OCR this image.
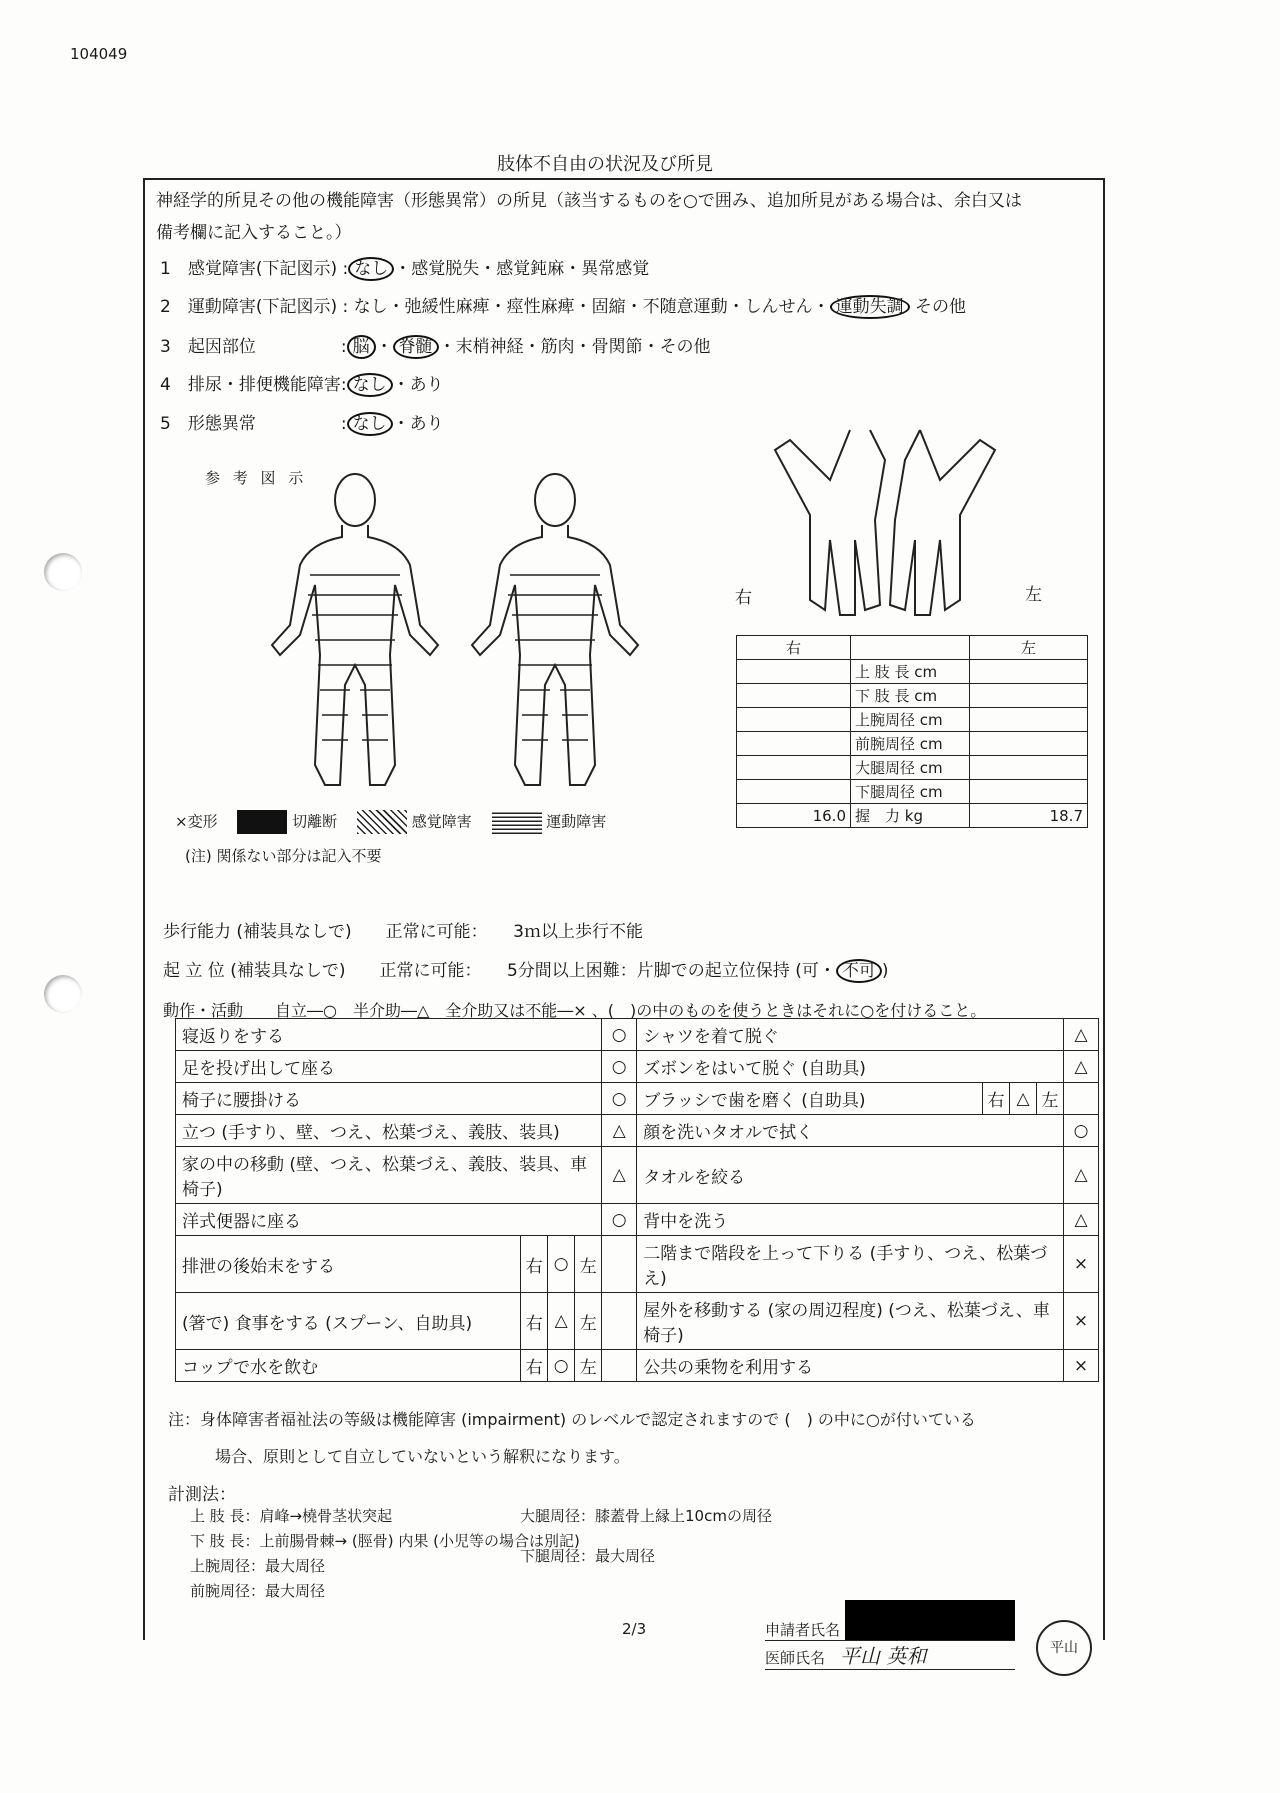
104049
肢体不自由の状況及び所見
神経学的所見その他の機能障害（形態異常）の所見（該当するものを○で囲み、追加所見がある場合は、余白又は
備考欄に記入すること。）
1　 感覚障害(下記図示) : なし ・感覚脱失・感覚鈍麻・異常感覚
2　 運動障害(下記図示) : なし・弛緩性麻痺・痙性麻痺・固縮・不随意運動・しんせん・ 運動失調 その他
3　 起因部位　　　　　: 脳 ・ 脊髄 ・末梢神経・筋肉・骨関節・その他
4　 排尿・排便機能障害: なし ・あり
5　 形態異常　　　　　: なし ・あり
参 考 図 示
右	左
右		左
	上 肢 長 cm	
	下 肢 長 cm	
	上腕周径 cm	
	前腕周径 cm	
	大腿周径 cm	
	下腿周径 cm	
16.0	握　力 kg	18.7
×変形　	切離断　	感覚障害　	運動障害
(注) 関係ない部分は記入不要
歩行能力 (補装具なしで)　　 正常に可能：　　 3ｍ以上歩行不能
起 立 位 (補装具なしで)　　 正常に可能：　　 5分間以上困難：片脚での起立位保持 (可・ 不可 )
動作・活動　　自立―○　半介助―△　全介助又は不能―× 、(　)の中のものを使うときはそれに○を付けること。
寝返りをする				○	シャツを着て脱ぐ				△
足を投げ出して座る				○	ズボンをはいて脱ぐ (自助具)				△
椅子に腰掛ける				○	ブラッシで歯を磨く (自助具)	右	△	左	
立つ (手すり、壁、つえ、松葉づえ、義肢、装具)				△	顔を洗いタオルで拭く				○
家の中の移動 (壁、つえ、松葉づえ、義肢、装具、車椅子)				△	タオルを絞る				△
洋式便器に座る				○	背中を洗う				△
排泄の後始末をする	右	○	左		二階まで階段を上って下りる (手すり、つえ、松葉づえ)				×
(箸で) 食事をする (スプーン、自助具)	右	△	左		屋外を移動する (家の周辺程度) (つえ、松葉づえ、車椅子)				×
コップで水を飲む	右	○	左		公共の乗物を利用する				×
注：身体障害者福祉法の等級は機能障害 (impairment) のレベルで認定されますので (　) の中に○が付いている
場合、原則として自立していないという解釈になります。
計測法：
上 肢 長：肩峰→橈骨茎状突起
下 肢 長：上前腸骨棘→ (脛骨) 内果 (小児等の場合は別記)
上腕周径：最大周径
前腕周径：最大周径
大腿周径：膝蓋骨上縁上10cmの周径
下腿周径：最大周径
申請者氏名
2/3
医師氏名　 平山 英和	平山
